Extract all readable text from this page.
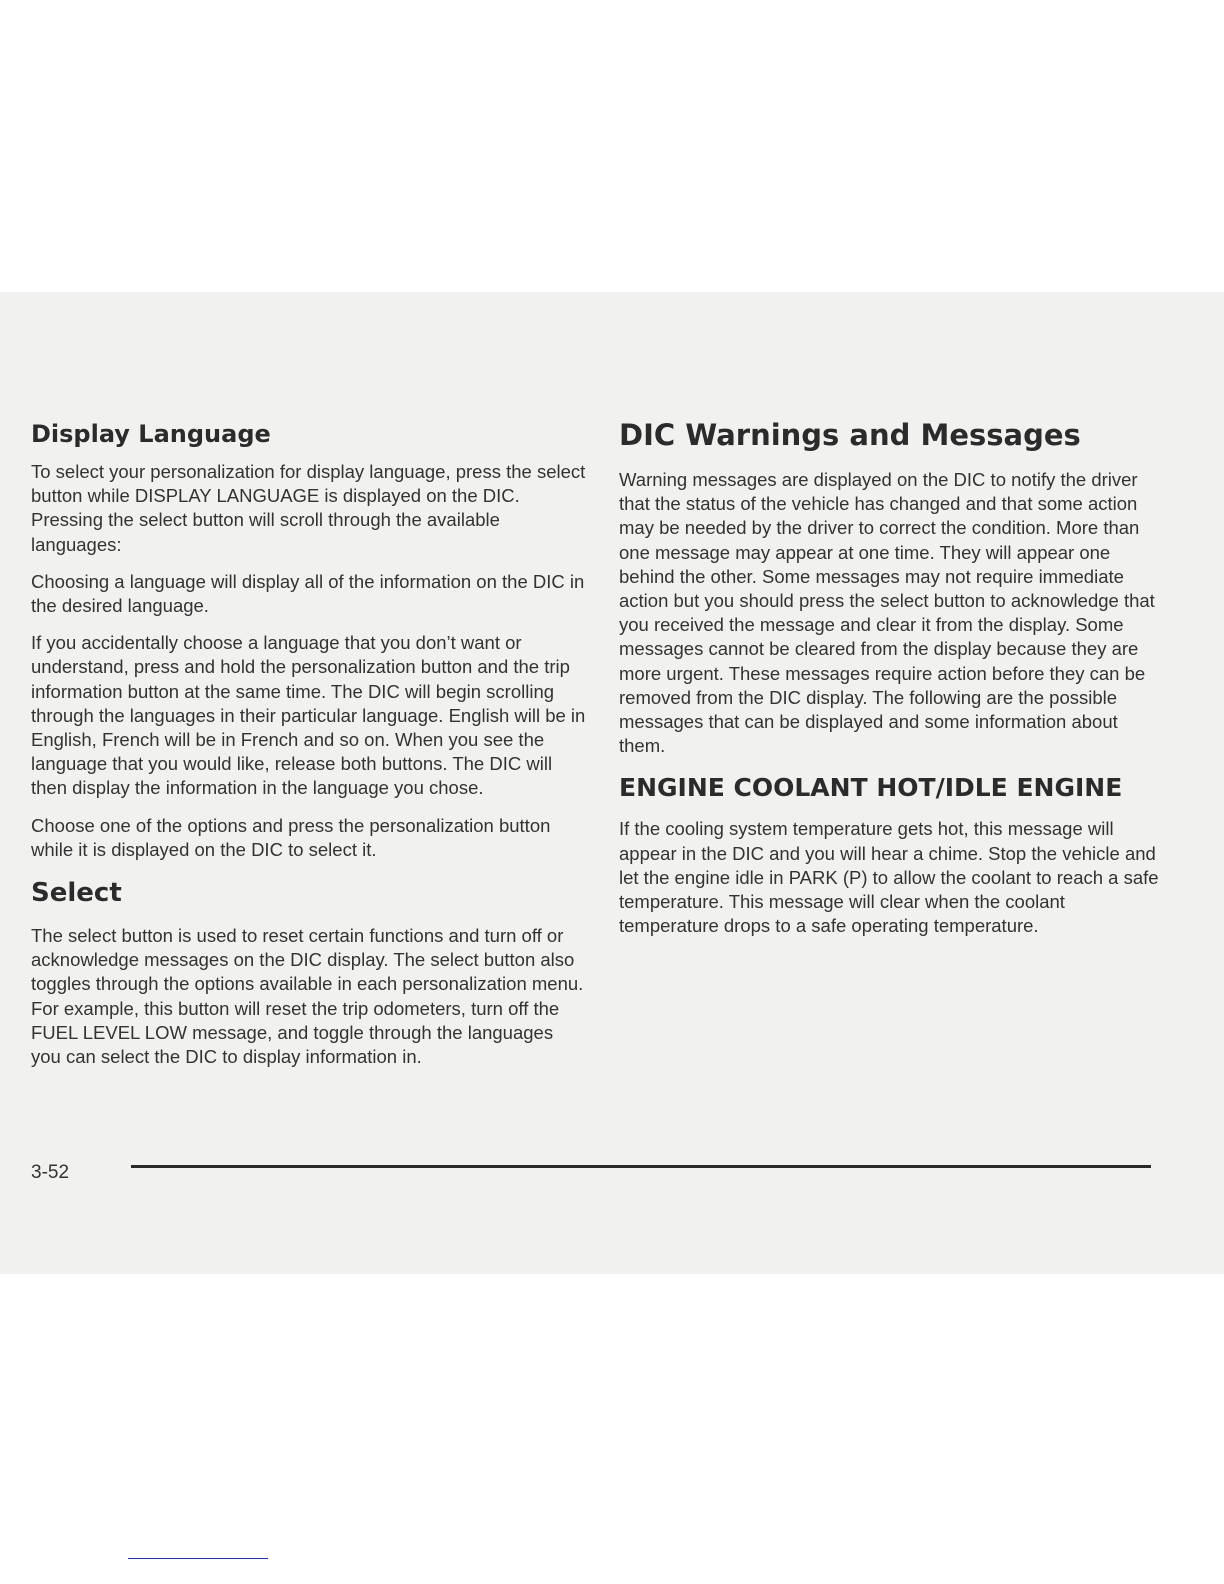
Display Language

To select your personalization for display language, press the select button while DISPLAY LANGUAGE is displayed on the DIC. Pressing the select button will scroll through the available languages:

Choosing a language will display all of the information on the DIC in the desired language.

If you accidentally choose a language that you don’t want or understand, press and hold the personalization button and the trip information button at the same time. The DIC will begin scrolling through the languages in their particular language. English will be in English, French will be in French and so on. When you see the language that you would like, release both buttons. The DIC will then display the information in the language you chose.

Choose one of the options and press the personalization button while it is displayed on the DIC to select it.

Select

The select button is used to reset certain functions and turn off or acknowledge messages on the DIC display. The select button also toggles through the options available in each personalization menu. For example, this button will reset the trip odometers, turn off the FUEL LEVEL LOW message, and toggle through the languages you can select the DIC to display information in.

DIC Warnings and Messages

Warning messages are displayed on the DIC to notify the driver that the status of the vehicle has changed and that some action may be needed by the driver to correct the condition. More than one message may appear at one time. They will appear one behind the other. Some messages may not require immediate action but you should press the select button to acknowledge that you received the message and clear it from the display. Some messages cannot be cleared from the display because they are more urgent. These messages require action before they can be removed from the DIC display. The following are the possible messages that can be displayed and some information about them.

ENGINE COOLANT HOT/IDLE ENGINE

If the cooling system temperature gets hot, this message will appear in the DIC and you will hear a chime. Stop the vehicle and let the engine idle in PARK (P) to allow the coolant to reach a safe temperature. This message will clear when the coolant temperature drops to a safe operating temperature.

3-52
